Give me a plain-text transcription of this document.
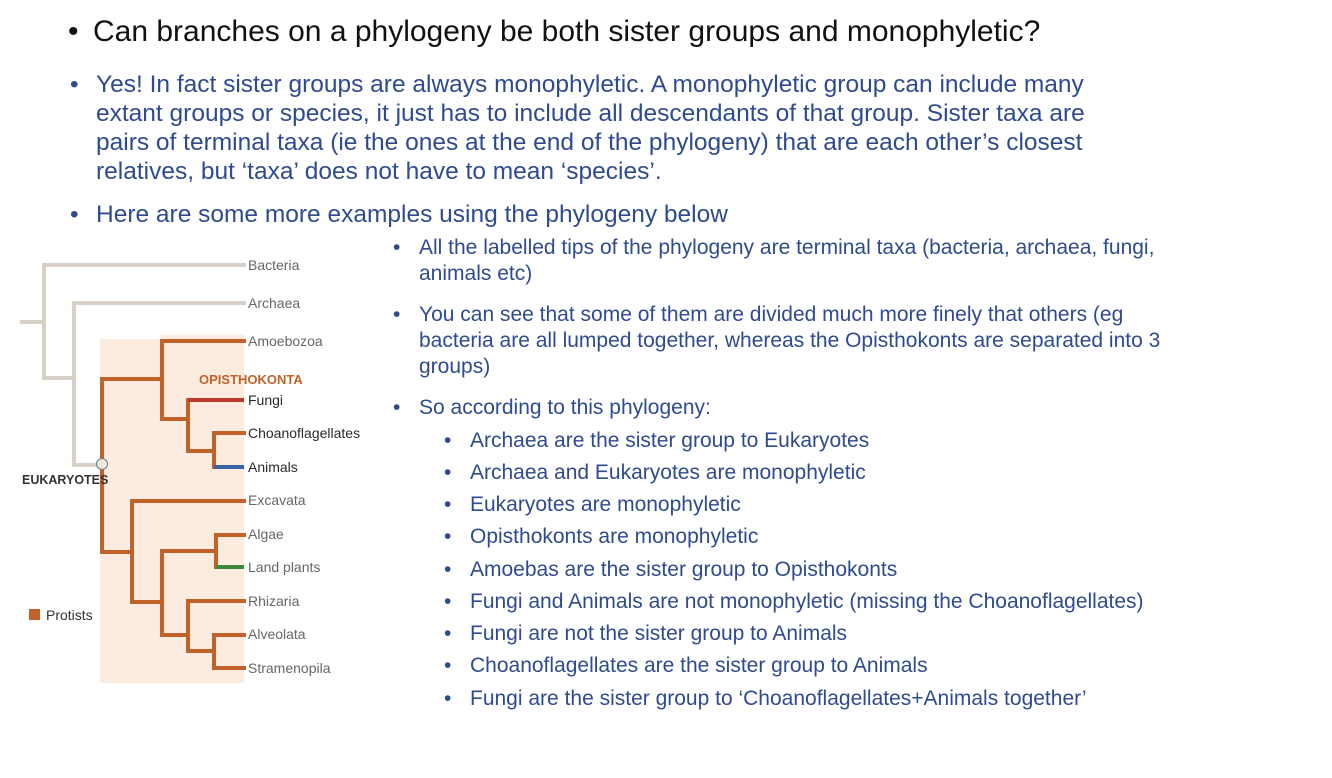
• Can branches on a phylogeny be both sister groups and monophyletic?
• Yes! In fact sister groups are always monophyletic. A monophyletic group can include many
extant groups or species, it just has to include all descendants of that group. Sister taxa are
pairs of terminal taxa (ie the ones at the end of the phylogeny) that are each other’s closest
relatives, but ‘taxa’ does not have to mean ‘species’.
• Here are some more examples using the phylogeny below
• All the labelled tips of the phylogeny are terminal taxa (bacteria, archaea, fungi,
animals etc)
• You can see that some of them are divided much more finely that others (eg
bacteria are all lumped together, whereas the Opisthokonts are separated into 3
groups)
• So according to this phylogeny:
• Archaea are the sister group to Eukaryotes
• Archaea and Eukaryotes are monophyletic
• Eukaryotes are monophyletic
• Opisthokonts are monophyletic
• Amoebas are the sister group to Opisthokonts
• Fungi and Animals are not monophyletic (missing the Choanoflagellates)
• Fungi are not the sister group to Animals
• Choanoflagellates are the sister group to Animals
• Fungi are the sister group to ‘Choanoflagellates+Animals together’
Bacteria
Archaea
Amoebozoa
Fungi
Choanoflagellates
Animals
Excavata
Algae
Land plants
Rhizaria
Alveolata
Stramenopila
OPISTHOKONTA
EUKARYOTES
Protists
